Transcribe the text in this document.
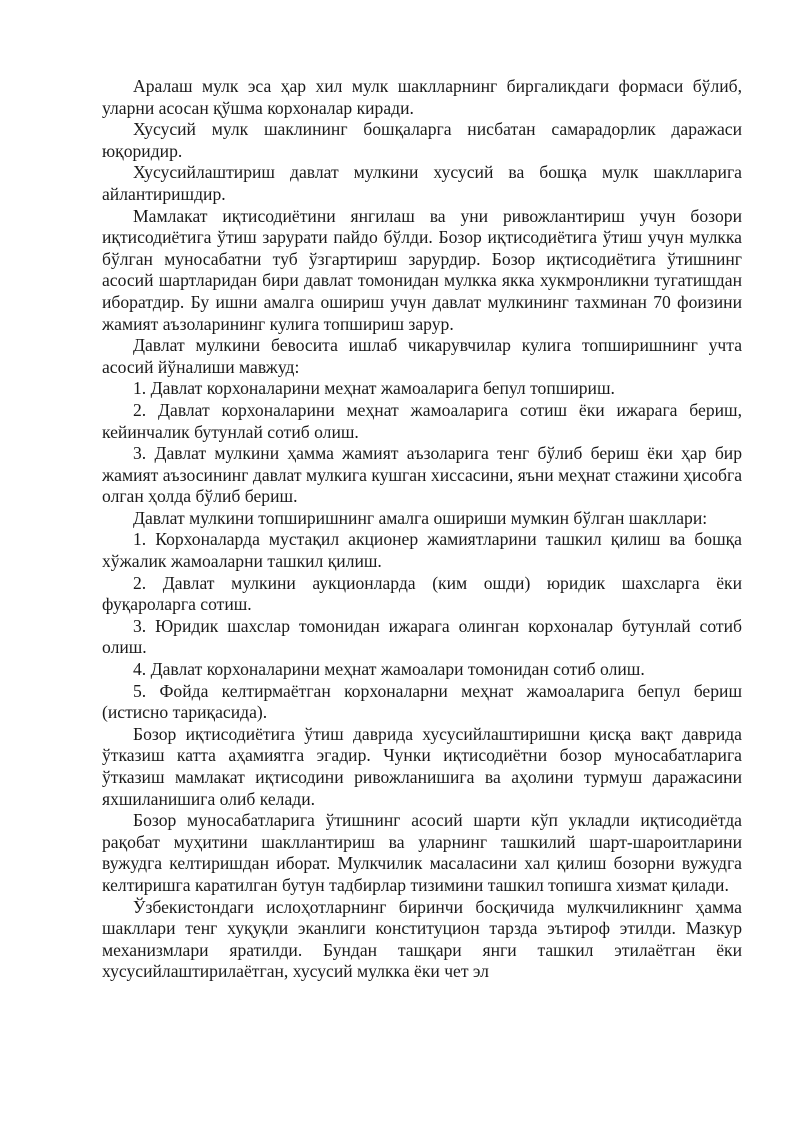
Аралаш мулк эса ҳар хил мулк шаклларнинг биргаликдаги формаси бўлиб, уларни асосан қўшма корхоналар киради.

Хусусий мулк шаклининг бошқаларга нисбатан самарадорлик даражаси юқоридир.

Хусусийлаштириш давлат мулкини хусусий ва бошқа мулк шаклларига айлантиришдир.

Мамлакат иқтисодиётини янгилаш ва уни ривожлантириш учун бозори иқтисодиётига ўтиш зарурати пайдо бўлди. Бозор иқтисодиётига ўтиш учун мулкка бўлган муносабатни туб ўзгартириш зарурдир. Бозор иқтисодиётига ўтишнинг асосий шартларидан бири давлат томонидан мулкка якка хукмронликни тугатишдан иборатдир. Бу ишни амалга ошириш учун давлат мулкининг тахминан 70 фоизини жамият аъзоларининг кулига топшириш зарур.

Давлат мулкини бевосита ишлаб чикарувчилар кулига топширишнинг учта асосий йўналиши мавжуд:

1. Давлат корхоналарини меҳнат жамоаларига бепул топшириш.

2. Давлат корхоналарини меҳнат жамоаларига сотиш ёки ижарага бериш, кейинчалик бутунлай сотиб олиш.

3. Давлат мулкини ҳамма жамият аъзоларига тенг бўлиб бериш ёки ҳар бир жамият аъзосининг давлат мулкига кушган хиссасини, яъни меҳнат стажини ҳисобга олган ҳолда бўлиб бериш.

Давлат мулкини топширишнинг амалга ошириши мумкин бўлган шакллари:

1. Корхоналарда мустақил акционер жамиятларини ташкил қилиш ва бошқа хўжалик жамоаларни ташкил қилиш.

2. Давлат мулкини аукционларда (ким ошди) юридик шахсларга ёки фуқароларга сотиш.

3. Юридик шахслар томонидан ижарага олинган корхоналар бутунлай сотиб олиш.

4. Давлат корхоналарини меҳнат жамоалари томонидан сотиб олиш.

5. Фойда келтирмаётган корхоналарни меҳнат жамоаларига бепул бериш (истисно тариқасида).

Бозор иқтисодиётига ўтиш даврида хусусийлаштиришни қисқа вақт даврида ўтказиш катта аҳамиятга эгадир. Чунки иқтисодиётни бозор муносабатларига ўтказиш мамлакат иқтисодини ривожланишига ва аҳолини турмуш даражасини яхшиланишига олиб келади.

Бозор муносабатларига ўтишнинг асосий шарти кўп укладли иқтисодиётда рақобат муҳитини шакллантириш ва уларнинг ташкилий шарт-шароитларини вужудга келтиришдан иборат. Мулкчилик масаласини хал қилиш бозорни вужудга келтиришга каратилган бутун тадбирлар тизимини ташкил топишга хизмат қилади.

Ўзбекистондаги ислоҳотларнинг биринчи босқичида мулкчиликнинг ҳамма шакллари тенг хуқуқли эканлиги конституцион тарзда эътироф этилди. Мазкур механизмлари яратилди. Бундан ташқари янги ташкил этилаётган ёки хусусийлаштирилаётган, хусусий мулкка ёки чет эл
